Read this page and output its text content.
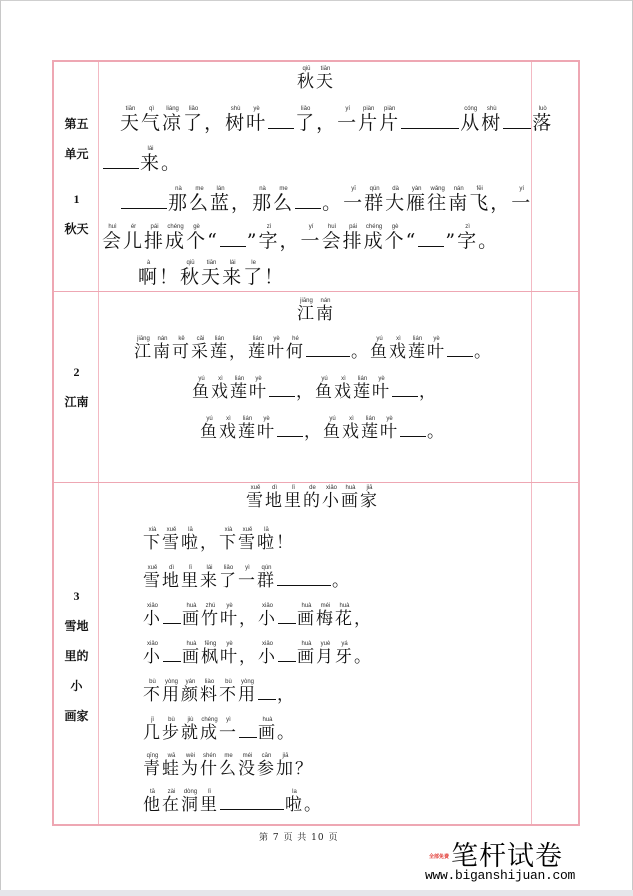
第五
单元
1
秋天
秋qiū天tiān
天tiān气qì凉liáng了liǎo，树shù叶yè了liǎo，一yí片piàn片piàn从cóng树shù落luò
来lái。
那nà么me蓝lán，那nà么me。一yī群qún大dà雁yàn往wǎng南nán飞fēi，一yí
会huì儿ér排pái成chéng个gè“ ”字zì，一yí会huì排pái成chéng个gè“ ”字zì。
啊à！秋qiū天tiān来lái了le！
2
江南
江jiāng南nán
江jiāng南nán可kě采cǎi莲lián，莲lián叶yè何hé。鱼yú戏xì莲lián叶yè。
鱼yú戏xì莲lián叶yè，鱼yú戏xì莲lián叶yè，
鱼yú戏xì莲lián叶yè，鱼yú戏xì莲lián叶yè。
3
雪地
里的
小
画家
雪xuě地dì里lǐ的de小xiǎo画huà家jiā
下xià雪xuě啦lā，下xià雪xuě啦lā！
雪xuě地dì里lǐ来lái了liǎo一yì群qún。
小xiǎo画huà竹zhú叶yè，小xiǎo画huà梅méi花huà，
小xiǎo画huà枫fēng叶yè，小xiǎo画huà月yuè牙yá。
不bù用yòng颜yán料liào不bù用yòng，
几jǐ步bù就jiù成chéng一yì画huà。
青qīng蛙wā为wèi什shén么me没méi参cān加jiā？
他tā在zài洞dòng里lǐ啦la。
第 7 页 共 10 页
全部免费 笔杆试卷
www.biganshijuan.com
